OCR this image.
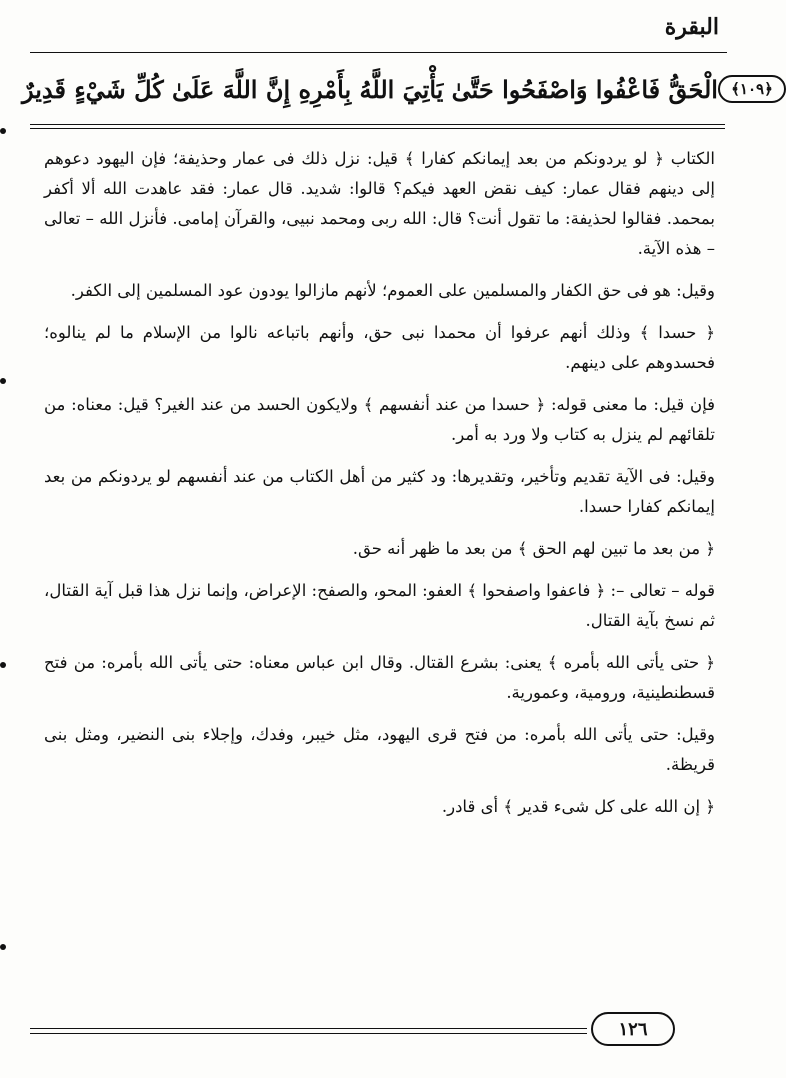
البقرة
الْحَقُّ فَاعْفُوا وَاصْفَحُوا حَتَّىٰ يَأْتِيَ اللَّهُ بِأَمْرِهِ إِنَّ اللَّهَ عَلَىٰ كُلِّ شَيْءٍ قَدِيرٌ ﴿١٠٩﴾

الكتاب ﴿ لو يردونكم من بعد إيمانكم كفارا ﴾ قيل: نزل ذلك فى عمار وحذيفة؛ فإن اليهود دعوهم إلى دينهم فقال عمار: كيف نقض العهد فيكم؟ قالوا: شديد. قال عمار: فقد عاهدت الله ألا أكفر بمحمد. فقالوا لحذيفة: ما تقول أنت؟ قال: الله ربى ومحمد نبيى، والقرآن إمامى. فأنزل الله – تعالى – هذه الآية.

وقيل: هو فى حق الكفار والمسلمين على العموم؛ لأنهم مازالوا يودون عود المسلمين إلى الكفر.

﴿ حسدا ﴾ وذلك أنهم عرفوا أن محمدا نبى حق، وأنهم باتباعه نالوا من الإسلام ما لم ينالوه؛ فحسدوهم على دينهم.

فإن قيل: ما معنى قوله: ﴿ حسدا من عند أنفسهم ﴾ ولايكون الحسد من عند الغير؟ قيل: معناه: من تلقائهم لم ينزل به كتاب ولا ورد به أمر.

وقيل: فى الآية تقديم وتأخير، وتقديرها: ود كثير من أهل الكتاب من عند أنفسهم لو يردونكم من بعد إيمانكم كفارا حسدا.

﴿ من بعد ما تبين لهم الحق ﴾ من بعد ما ظهر أنه حق.

قوله – تعالى –: ﴿ فاعفوا واصفحوا ﴾ العفو: المحو، والصفح: الإعراض، وإنما نزل هذا قبل آية القتال، ثم نسخ بآية القتال.

﴿ حتى يأتى الله بأمره ﴾ يعنى: بشرع القتال. وقال ابن عباس معناه: حتى يأتى الله بأمره: من فتح قسطنطينية، ورومية، وعمورية.

وقيل: حتى يأتى الله بأمره: من فتح قرى اليهود، مثل خيبر، وفدك، وإجلاء بنى النضير، ومثل بنى قريظة.

﴿ إن الله على كل شىء قدير ﴾ أى قادر.

١٢٦
